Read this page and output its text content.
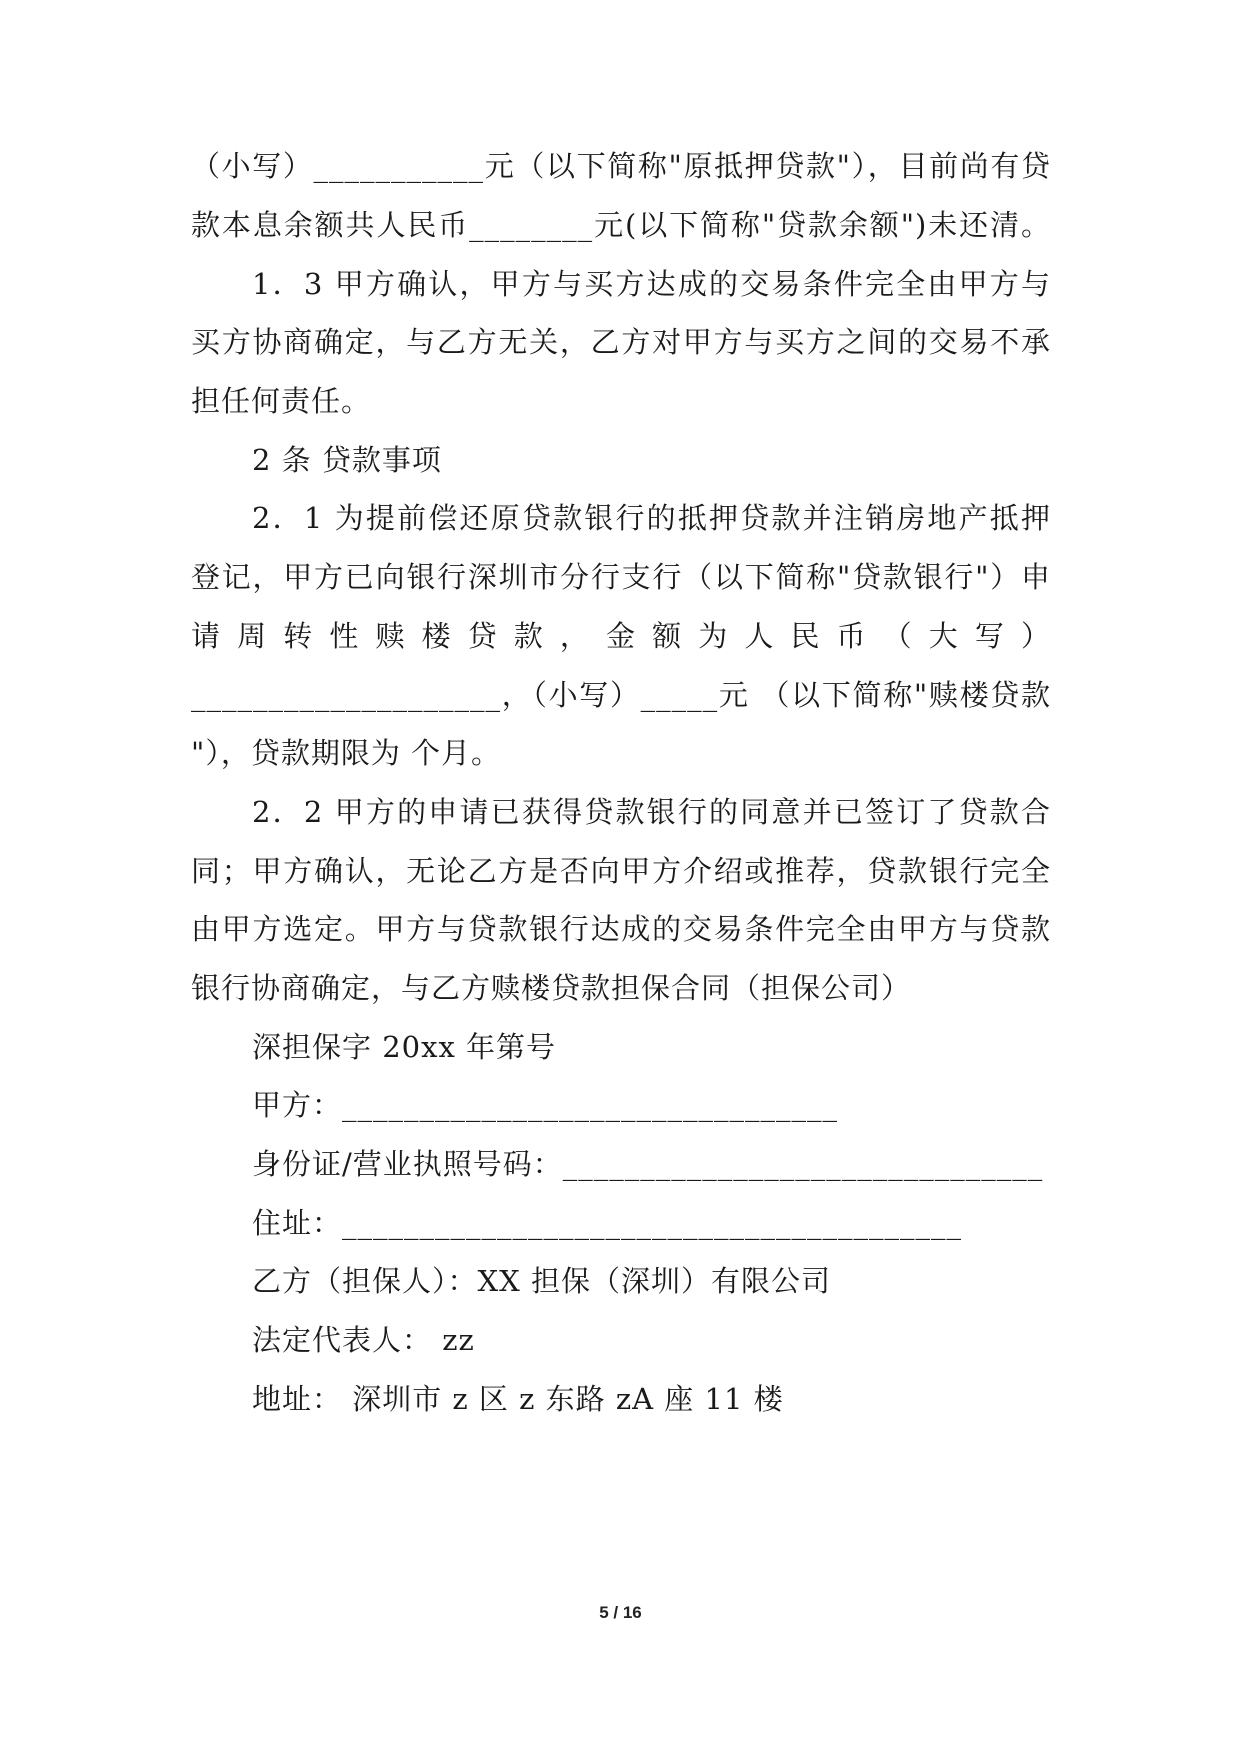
（小写）___________元（以下简称"原抵押贷款"），目前尚有贷
款本息余额共人民币________元(以下简称"贷款余额")未还清。
1．3 甲方确认，甲方与买方达成的交易条件完全由甲方与
买方协商确定，与乙方无关，乙方对甲方与买方之间的交易不承
担任何责任。
2 条 贷款事项
2．1 为提前偿还原贷款银行的抵押贷款并注销房地产抵押
登记，甲方已向银行深圳市分行支行（以下简称"贷款银行"）申
请 周 转 性 赎 楼 贷 款 ， 金 额 为 人 民 币 （ 大 写 ）
____________________，（小写）_____元 （以下简称"赎楼贷款
"），贷款期限为 个月。
2．2 甲方的申请已获得贷款银行的同意并已签订了贷款合
同；甲方确认，无论乙方是否向甲方介绍或推荐，贷款银行完全
由甲方选定。甲方与贷款银行达成的交易条件完全由甲方与贷款
银行协商确定，与乙方赎楼贷款担保合同（担保公司）
深担保字 20xx 年第号
甲方：________________________________
身份证/营业执照号码：_______________________________
住址：________________________________________
乙方（担保人）：XX 担保（深圳）有限公司
法定代表人： zz
地址： 深圳市 z 区 z 东路 zA 座 11 楼
5 / 16
